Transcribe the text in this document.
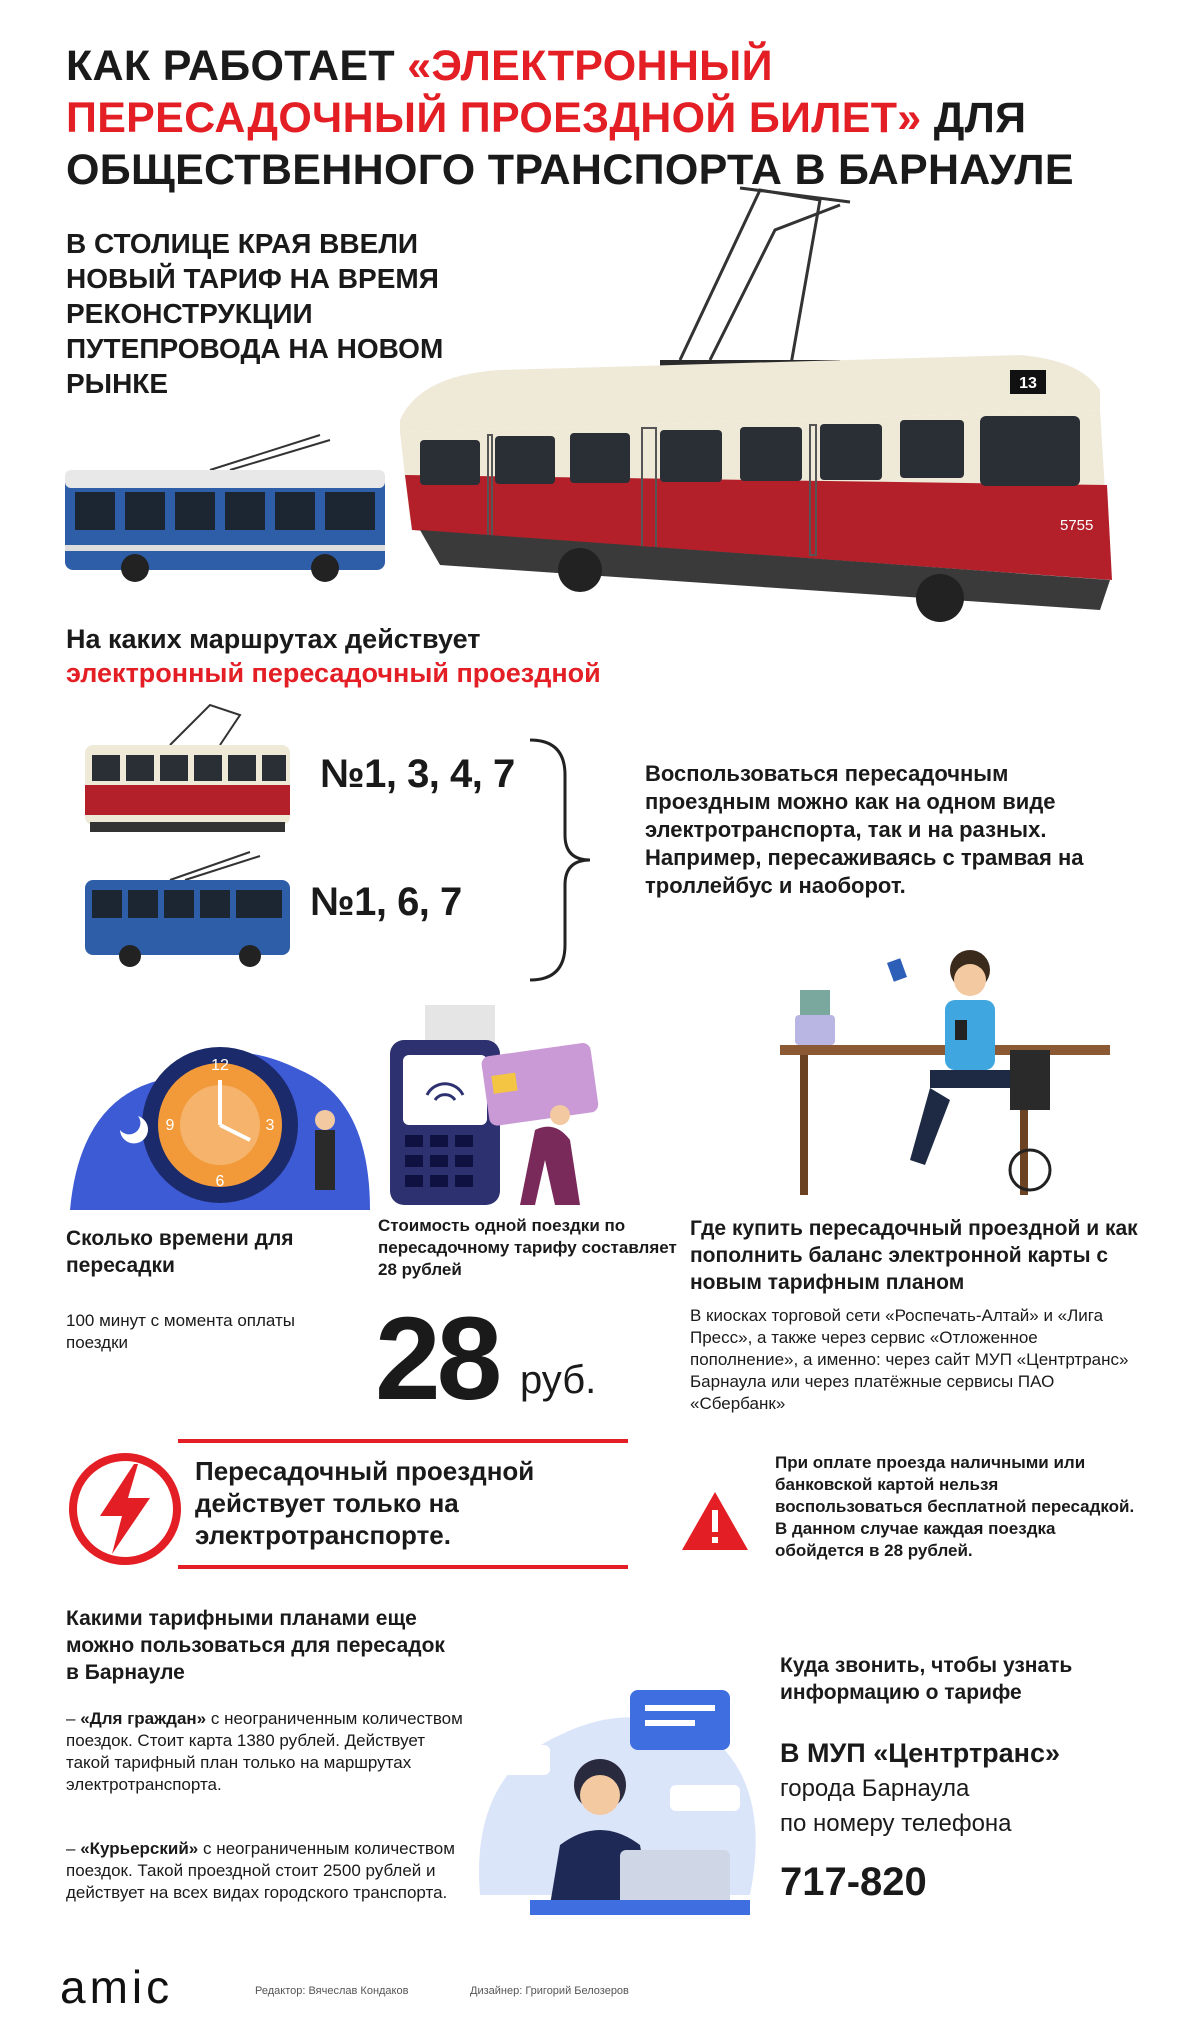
КАК РАБОТАЕТ «ЭЛЕКТРОННЫЙ ПЕРЕСАДОЧНЫЙ ПРОЕЗДНОЙ БИЛЕТ» ДЛЯ ОБЩЕСТВЕННОГО ТРАНСПОРТА В БАРНАУЛЕ
В СТОЛИЦЕ КРАЯ ВВЕЛИ НОВЫЙ ТАРИФ НА ВРЕМЯ РЕКОНСТРУКЦИИ ПУТЕПРОВОДА НА НОВОМ РЫНКЕ	13
5755
На каких маршрутах действует
электронный пересадочный проездной
№1, 3, 4, 7
№1, 6, 7
Воспользоваться пересадочным проездным можно как на одном виде электротранспорта, так и на разных. Например, пересаживаясь с трамвая на троллейбус и наоборот.
12
3
6
9
Сколько времени для пересадки
100 минут с момента оплаты поездки
Стоимость одной поездки по пересадочному тарифу составляет 28 рублей
28 руб.
Где купить пересадочный проездной и как пополнить баланс электронной карты с новым тарифным планом
В киосках торговой сети «Роспечать-Алтай» и «Лига Пресс», а также через сервис «Отложенное пополнение», а именно: через сайт МУП «Центртранс» Барнаула или через платёжные сервисы ПАО «Сбербанк»
Пересадочный проездной действует только на электротранспорте.
При оплате проезда наличными или банковской картой нельзя воспользоваться бесплатной пересадкой. В данном случае каждая поездка обойдется в 28 рублей.
Какими тарифными планами еще можно пользоваться для пересадок в Барнауле
– «Для граждан» с неограниченным количеством поездок. Стоит карта 1380 рублей. Действует такой тарифный план только на маршрутах электротранспорта.
– «Курьерский» с неограниченным количеством поездок. Такой проездной стоит 2500 рублей и действует на всех видах городского транспорта.
Куда звонить, чтобы узнать информацию о тарифе
В МУП «Центртранс»
города Барнаула
по номеру телефона
717-820
amic	Редактор: Вячеслав Кондаков	Дизайнер: Григорий Белозеров
